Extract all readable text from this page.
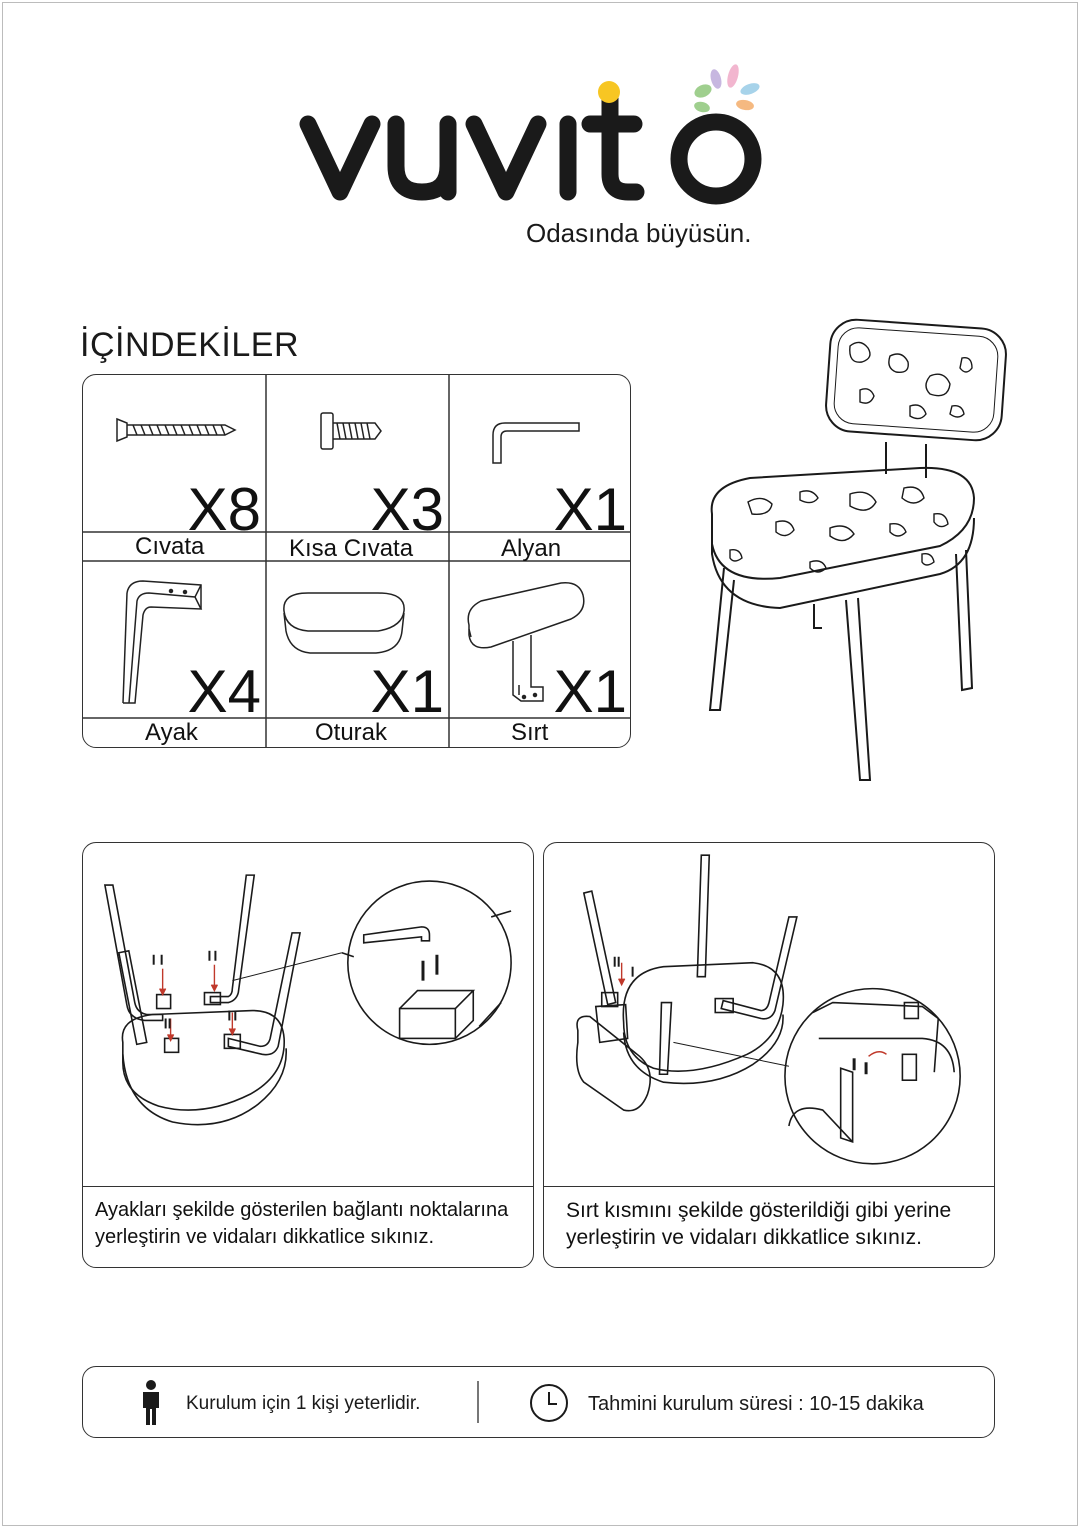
Odasında büyüsün.
İÇİNDEKİLER
X8
Cıvata
X3
Kısa Cıvata
X1
Alyan
X4
Ayak
X1
Oturak
X1
Sırt
Ayakları şekilde gösterilen bağlantı noktalarına yerleştirin ve vidaları dikkatlice sıkınız.
Sırt kısmını şekilde gösterildiği gibi yerine yerleştirin ve vidaları dikkatlice sıkınız.
Kurulum için 1 kişi yeterlidir.	Tahmini kurulum süresi : 10-15 dakika
